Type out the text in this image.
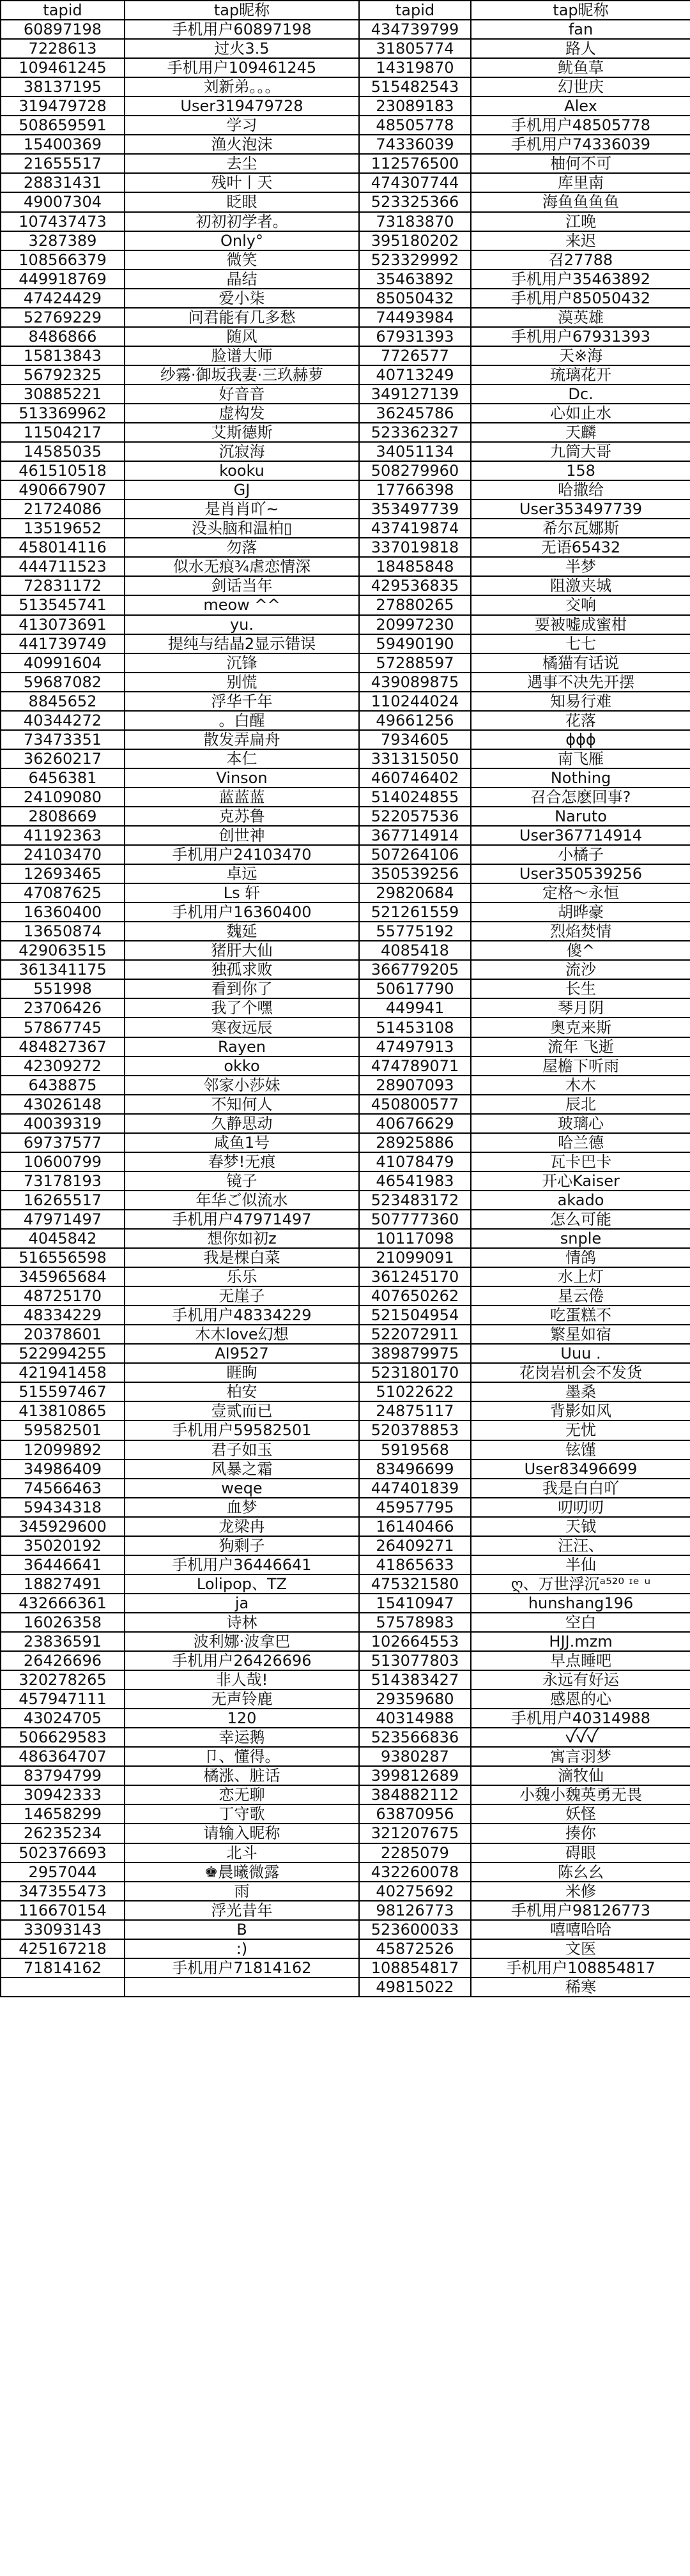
tapid	tap昵称	tapid	tap昵称
60897198	手机用户60897198	434739799	fan
7228613	过火3.5	31805774	路人
109461245	手机用户109461245	14319870	鱿鱼草
38137195	刘新弟。。。	515482543	幻世庆
319479728	User319479728	23089183	Alex
508659591	学习	48505778	手机用户48505778
15400369	渔火泡沫	74336039	手机用户74336039
21655517	去尘	112576500	柚何不可
28831431	残叶丨天	474307744	库里南
49007304	眨眼	523325366	海鱼鱼鱼鱼
107437473	初初初学者。	73183870	江晚
3287389	Only°	395180202	来迟
108566379	微笑	523329992	召27788
449918769	晶结	35463892	手机用户35463892
47424429	爱小柒	85050432	手机用户85050432
52769229	问君能有几多愁	74493984	漠英雄
8486866	随风	67931393	手机用户67931393
15813843	脸谱大师	7726577	天※海
56792325	纱霧·御坂我妻·三玖赫萝	40713249	琉璃花开
30885221	好音音	349127139	Dc.
513369962	虚构发	36245786	心如止水
11504217	艾斯德斯	523362327	天麟
14585035	沉寂海	34051134	九筒大哥
461510518	kooku	508279960	158
490667907	GJ	17766398	哈撒给
21724086	是肖肖吖~	353497739	User353497739
13519652	没头脑和温柏▯	437419874	希尔瓦娜斯
458014116	勿落	337019818	无语65432
444711523	似水无痕¾虐恋情深	18485848	半梦
72831172	剑话当年	429536835	阻激夹城
513545741	meow ^^	27880265	交响
413073691	yu.	20997230	要被嘘成蜜柑
441739749	提纯与结晶2显示错误	59490190	七七
40991604	沉锋	57288597	橘猫有话说
59687082	别慌	439089875	遇事不决先开摆
8845652	浮华千年	110244024	知易行难
40344272	。白醒	49661256	花落
73473351	散发弄扁舟	7934605	ɸɸɸ
36260217	本仁	331315050	南飞雁
6456381	Vinson	460746402	Nothing
24109080	蓝蓝蓝	514024855	召合怎麽回事?
2808669	克苏鲁	522057536	Naruto
41192363	创世神	367714914	User367714914
24103470	手机用户24103470	507264106	小橘子
12693465	卓远	350539256	User350539256
47087625	Ls 轩	29820684	定格～永恒
16360400	手机用户16360400	521261559	胡晔豪
13650874	魏延	55775192	烈焰焚情
429063515	猪肝大仙	4085418	傻^
361341175	独孤求败	366779205	流沙
551998	看到你了	50617790	长生
23706426	我了个嘿	449941	琴月阴
57867745	寒夜远辰	51453108	奥克来斯
484827367	Rayen	47497913	流年 飞逝
42309272	okko	474789071	屋檐下听雨
6438875	邻家小莎妹	28907093	木木
43026148	不知何人	450800577	辰北
40039319	久静思动	40676629	玻璃心
69737577	咸鱼1号	28925886	哈兰德
10600799	春梦!无痕	41078479	瓦卡巴卡
73178193	镜子	46541983	开心Kaiser
16265517	年华ご似流水	523483172	akado
47971497	手机用户47971497	507777360	怎么可能
4045842	想你如初z	10117098	snple
516556598	我是棵白菜	21099091	情鸽
345965684	乐乐	361245170	水上灯
48725170	无崖子	407650262	星云倦
48334229	手机用户48334229	521504954	吃蛋糕不
20378601	木木love幻想	522072911	繁星如宿
522994255	AI9527	389879975	Uuu .
421941458	睚眴	523180170	花岗岩机会不发货
515597467	柏安	51022622	墨桑
413810865	壹贰而已	24875117	背影如风
59582501	手机用户59582501	520378853	无忧
12099892	君子如玉	5919568	铉馑
34986409	风暴之霜	83496699	User83496699
74566463	weqe	447401839	我是白白吖
59434318	血梦	45957795	叨叨叨
345929600	龙梁冉	16140466	天钺
35020192	狗剩子	26409271	汪汪、
36446641	手机用户36446641	41865633	半仙
18827491	Lolipop、TZ	475321580	ღ、万世浮沉ᵃ⁵²⁰ ᶦᵉ ᵘ
432666361	ja	15410947	hunshang196
16026358	诗林	57578983	空白
23836591	波利娜·波拿巴	102664553	HJJ.mzm
26426696	手机用户26426696	513077803	早点睡吧
320278265	非人哉!	514383427	永远有好运
457947111	无声铃鹿	29359680	感恩的心
43024705	120	40314988	手机用户40314988
506629583	幸运鹅	523566836	ꪜꪜꪜ
486364707	卩、懂得。	9380287	寓言羽梦
83794799	橘涨、脏话	399812689	滴牧仙
30942333	恋无聊	384882112	小魏小魏英勇无畏
14658299	丁守歌	63870956	妖怪
26235234	请输入昵称	321207675	揍你
502376693	北斗	2285079	碍眼
2957044	♚晨曦微露	432260078	陈幺幺
347355473	雨	40275692	米修
116670154	浮光昔年	98126773	手机用户98126773
33093143	B	523600033	嘻嘻哈哈
425167218	:)	45872526	文医
71814162	手机用户71814162	108854817	手机用户108854817
		49815022	稀寒
